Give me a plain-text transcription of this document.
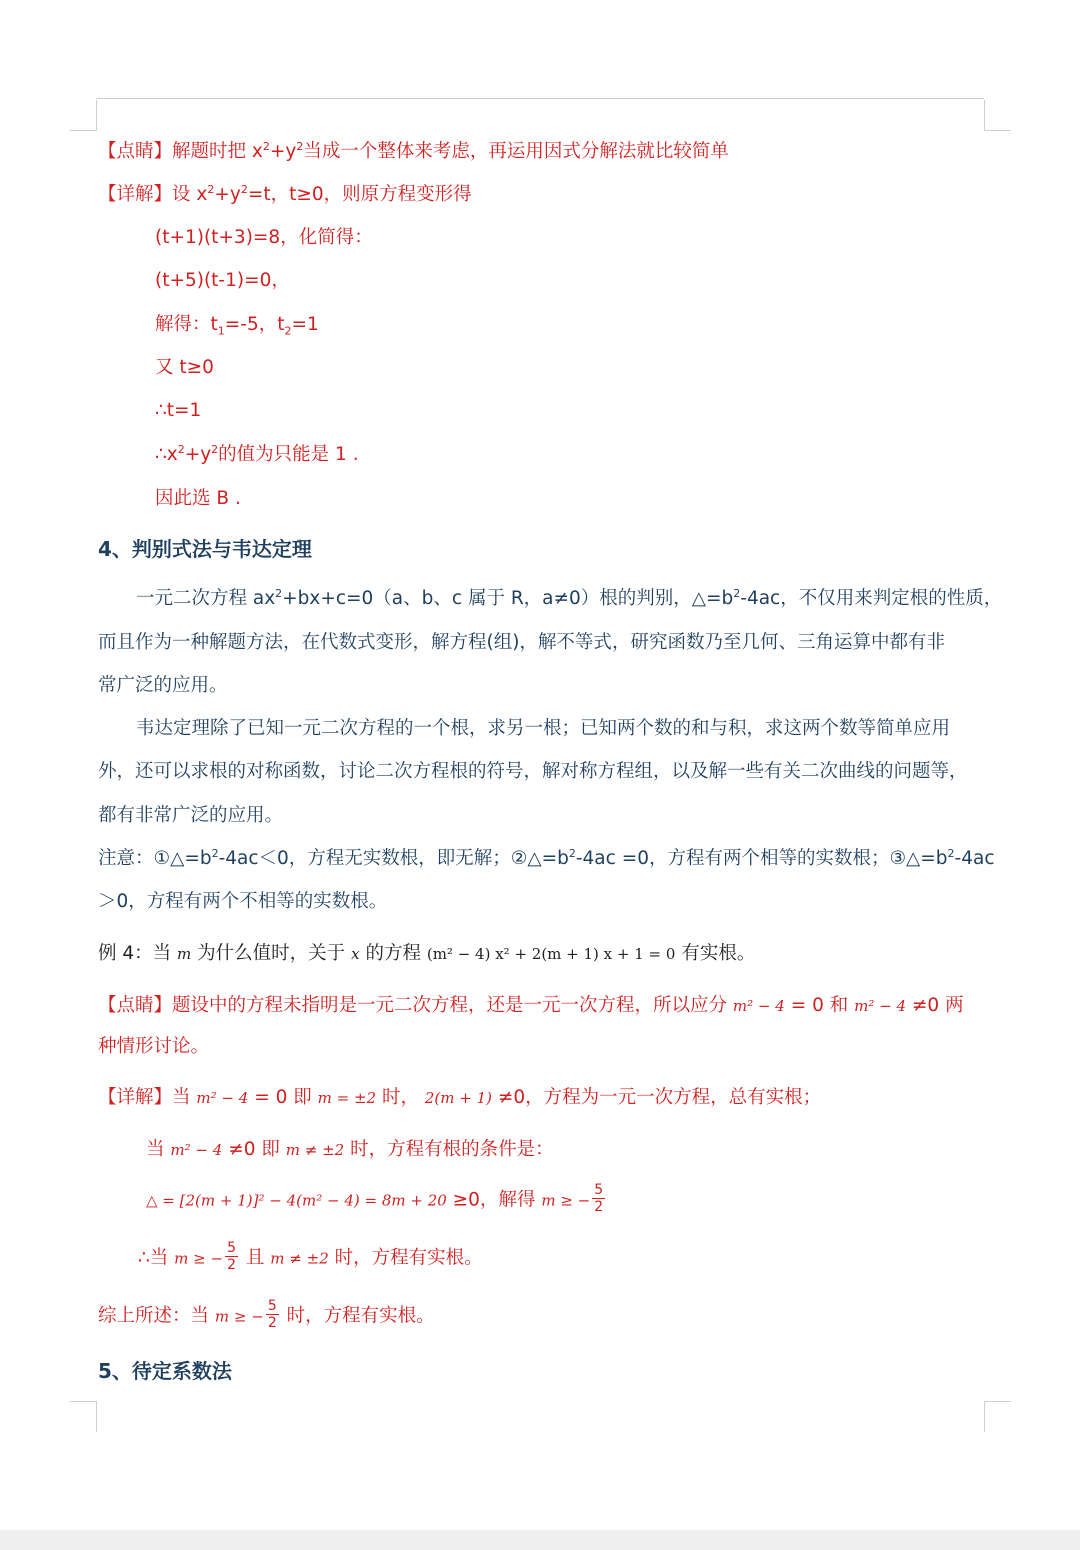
【点睛】解题时把 $x^2+y^2$当成一个整体来考虑，再运用因式分解法就比较简单
【详解】设 $x^2+y^2=t$，t≥0，则原方程变形得
(t+1)(t+3)=8，化简得：
(t+5)(t-1)=0，
解得：$t_1=-5$，$t_2=1$
又 t≥0
∴t=1
$\therefore x^2+y^2$的值为只能是 1 .
因此选 B .
4、判别式法与韦达定理
一元二次方程 $ax^2+bx+c=0(a$、b、c 属于 R，a≠0）根的判别，$\triangle=b^2-4ac$，不仅用来判定根的性质，
而且作为一种解题方法，在代数式变形，解方程(组)，解不等式，研究函数乃至几何、三角运算中都有非
常广泛的应用。
韦达定理除了已知一元二次方程的一个根，求另一根；已知两个数的和与积，求这两个数等简单应用
外，还可以求根的对称函数，讨论二次方程根的符号，解对称方程组，以及解一些有关二次曲线的问题等，
都有非常广泛的应用。
注意：$①\triangle=b^2-4ac<0$，方程无实数根，即无解；$②\triangle=b^2-4ac =0$，方程有两个相等的实数根；$③\triangle=b^2-4ac$
＞0，方程有两个不相等的实数根。
例 4：当 m 为什么值时，关于 x 的方程 (m² − 4) x² + 2(m + 1) x + 1 = 0 有实根。
【点睛】题设中的方程未指明是一元二次方程，还是一元一次方程，所以应分 m² − 4 = 0 和 m² − 4 ≠0 两
种情形讨论。
【详解】当 m² − 4 = 0 即 m = ±2 时， 2(m + 1) ≠0，方程为一元一次方程，总有实根；
当 m² − 4 ≠0 即 m ≠ ±2 时，方程有根的条件是：
△ = [2(m + 1)]² − 4(m² − 4) = 8m + 20 ≥0，解得 m ≥ − $\frac{5}{2}$
∴当 m ≥ − $\frac{5}{2}$ 且 m ≠ ±2 时，方程有实根。
综上所述：当 m ≥ − $\frac{5}{2}$ 时，方程有实根。
5、待定系数法
